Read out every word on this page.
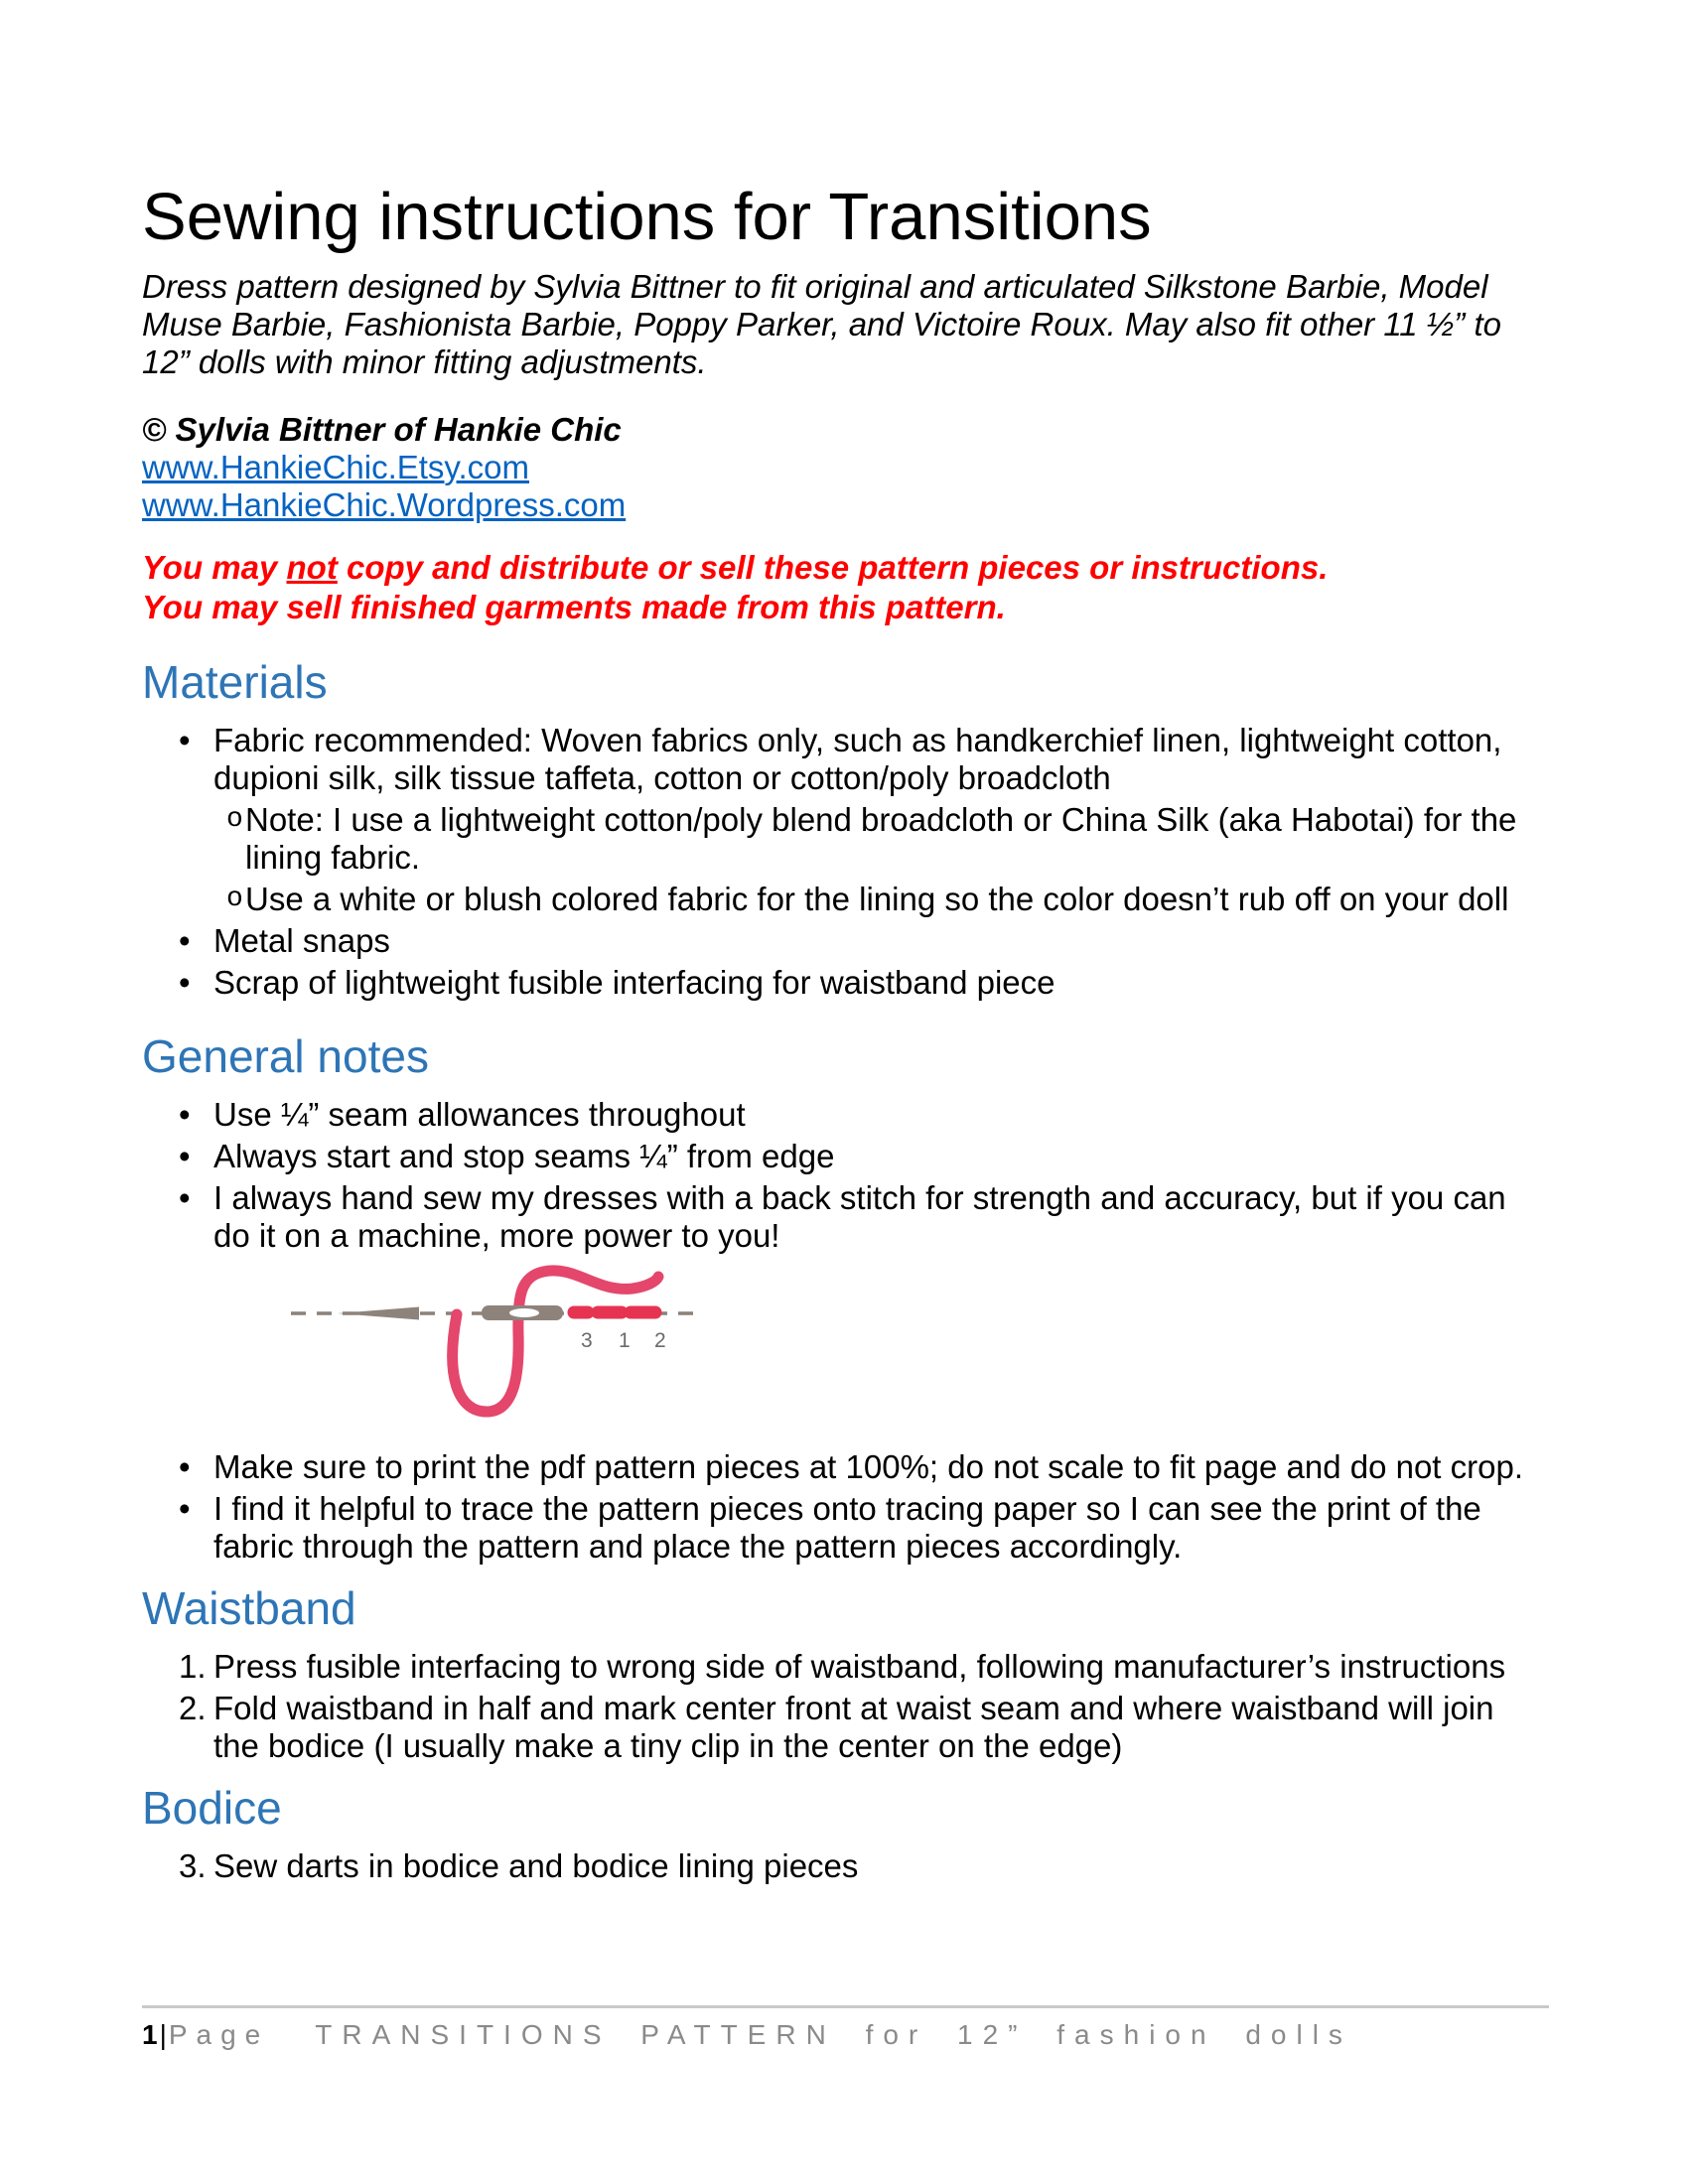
Sewing instructions for Transitions

Dress pattern designed by Sylvia Bittner to fit original and articulated Silkstone Barbie, Model Muse Barbie, Fashionista Barbie, Poppy Parker, and Victoire Roux. May also fit other 11 ½” to 12” dolls with minor fitting adjustments.

© Sylvia Bittner of Hankie Chic

www.HankieChic.Etsy.com
www.HankieChic.Wordpress.com
You may not copy and distribute or sell these pattern pieces or instructions.
You may sell finished garments made from this pattern.
Materials
• Fabric recommended: Woven fabrics only, such as handkerchief linen, lightweight cotton, dupioni silk, silk tissue taffeta, cotton or cotton/poly broadcloth
o Note: I use a lightweight cotton/poly blend broadcloth or China Silk (aka Habotai) for the lining fabric.
o Use a white or blush colored fabric for the lining so the color doesn’t rub off on your doll
• Metal snaps
• Scrap of lightweight fusible interfacing for waistband piece
General notes
• Use ¼” seam allowances throughout
• Always start and stop seams ¼” from edge
• I always hand sew my dresses with a back stitch for strength and accuracy, but if you can do it on a machine, more power to you!
3 1 2
• Make sure to print the pdf pattern pieces at 100%; do not scale to fit page and do not crop.
• I find it helpful to trace the pattern pieces onto tracing paper so I can see the print of the fabric through the pattern and place the pattern pieces accordingly.
Waistband
1. Press fusible interfacing to wrong side of waistband, following manufacturer’s instructions
2. Fold waistband in half and mark center front at waist seam and where waistband will join the bodice (I usually make a tiny clip in the center on the edge)
Bodice
3. Sew darts in bodice and bodice lining pieces
1|Page TRANSITIONS PATTERN for 12” fashion dolls
